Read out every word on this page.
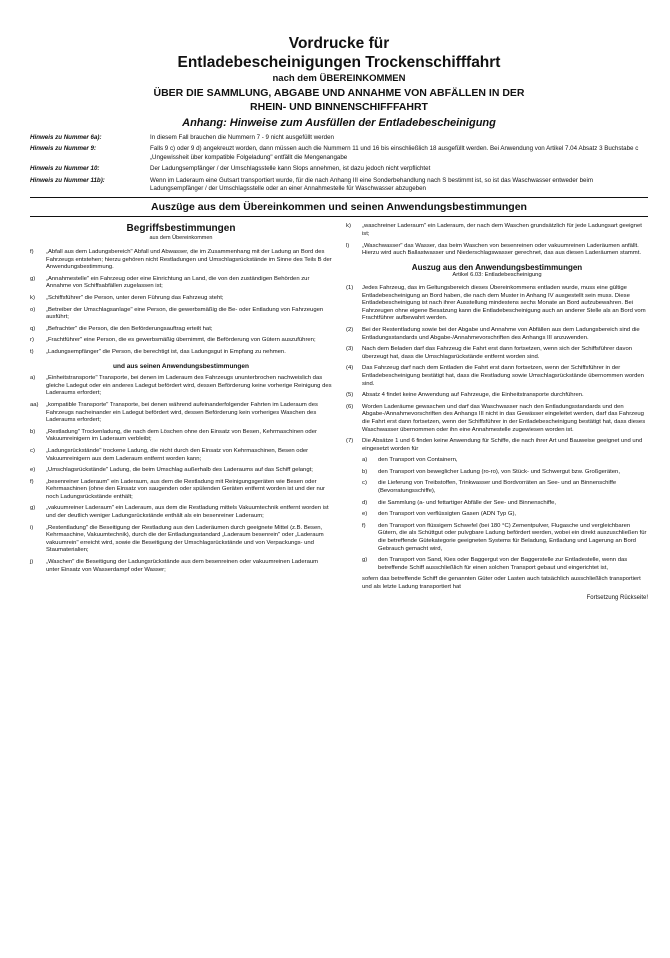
Vordrucke für
Entladebescheinigungen Trockenschifffahrt
nach dem ÜBEREINKOMMEN
ÜBER DIE SAMMLUNG, ABGABE UND ANNAHME VON ABFÄLLEN IN DER
RHEIN- UND BINNENSCHIFFFAHRT
Anhang: Hinweise zum Ausfüllen der Entladebescheinigung
Hinweis zu Nummer 6a):	In diesem Fall brauchen die Nummern 7 - 9 nicht ausgefüllt werden
Hinweis zu Nummer 9:	Falls 9 c) oder 9 d) angekreuzt worden, dann müssen auch die Nummern 11 und 16 bis einschließlich 18 ausgefüllt werden. Bei Anwendung von Artikel 7.04 Absatz 3 Buchstabe c „Ungewissheit über kompatible Folgeladung" entfällt die Mengenangabe
Hinweis zu Nummer 10:	Der Ladungsempfänger / der Umschlagsstelle kann Slops annehmen, ist dazu jedoch nicht verpflichtet
Hinweis zu Nummer 11b):	Wenn im Laderaum eine Gutsart transportiert wurde, für die nach Anhang III eine Sonderbehandlung nach S bestimmt ist, so ist das Waschwasser entweder beim Ladungsempfänger / der Umschlagsstelle oder an einer Annahmestelle für Waschwasser abzugeben
Auszüge aus dem Übereinkommen und seinen Anwendungsbestimmungen
Begriffsbestimmungen
aus dem Übereinkommen
f)	„Abfall aus dem Ladungsbereich" Abfall und Abwasser, die im Zusammenhang mit der Ladung an Bord des Fahrzeugs entstehen; hierzu gehören nicht Restladungen und Umschlagsrückstände im Sinne des Teils B der Anwendungsbestimmung.
g)	„Annahmestelle" ein Fahrzeug oder eine Einrichtung an Land, die von den zuständigen Behörden zur Annahme von Schiffsabfällen zugelassen ist;
k)	„Schiffsführer" die Person, unter deren Führung das Fahrzeug steht;
o)	„Betreiber der Umschlagsanlage" eine Person, die gewerbsmäßig die Be- oder Entladung von Fahrzeugen ausführt;
q)	„Befrachter" die Person, die den Beförderungsauftrag erteilt hat;
r)	„Frachtführer" eine Person, die es gewerbsmäßig übernimmt, die Beförderung von Gütern auszuführen;
t)	„Ladungsempfänger" die Person, die berechtigt ist, das Ladungsgut in Empfang zu nehmen.
und aus seinen Anwendungsbestimmungen
a)	„Einheitstransporte" Transporte, bei denen im Laderaum des Fahrzeugs ununterbrochen nachweislich das gleiche Ladegut oder ein anderes Ladegut befördert wird, dessen Beförderung keine vorherige Reinigung des Laderaums erfordert;
aa)	„kompatible Transporte" Transporte, bei denen während aufeinanderfolgender Fahrten im Laderaum des Fahrzeugs nacheinander ein Ladegut befördert wird, dessen Beförderung kein vorheriges Waschen des Laderaums erfordert;
b)	„Restladung" Trockenladung, die nach dem Löschen ohne den Einsatz von Besen, Kehrmaschinen oder Vakuumreinigern im Laderaum verbleibt;
c)	„Ladungsrückstände" trockene Ladung, die nicht durch den Einsatz von Kehrmaschinen, Besen oder Vakuumreinigern aus dem Laderaum entfernt worden kann;
e)	„Umschlagsrückstände" Ladung, die beim Umschlag außerhalb des Laderaums auf das Schiff gelangt;
f)	„besenreiner Laderaum" ein Laderaum, aus dem die Restladung mit Reinigungsgeräten wie Besen oder Kehrmaschinen (ohne den Einsatz von saugenden oder spülenden Geräten entfernt worden ist und der nur noch Ladungsrückstände enthält;
g)	„vakuumreiner Laderaum" ein Laderaum, aus dem die Restladung mittels Vakuumtechnik entfernt worden ist und der deutlich weniger Ladungsrückstände enthält als ein besenreiner Laderaum;
i)	„Restentladung" die Beseitigung der Restladung aus den Laderäumen durch geeignete Mittel (z.B. Besen, Kehrmaschine, Vakuumtechnik), durch die der Entladungsstandard „Laderaum besenrein" oder „Laderaum vakuumrein" erreicht wird, sowie die Beseitigung der Umschlagsrückstände und von Verpackungs- und Staumaterialien;
j)	„Waschen" die Beseitigung der Ladungsrückstände aus dem besenreinen oder vakuumreinen Laderaum unter Einsatz von Wasserdampf oder Wasser;
k)	„waschreiner Laderaum" ein Laderaum, der nach dem Waschen grundsätzlich für jede Ladungsart geeignet ist;
l)	„Waschwasser" das Wasser, das beim Waschen von besenreinen oder vakuumreinen Laderäumen anfällt. Hierzu wird auch Ballastwasser und Niederschlagswasser gerechnet, das aus diesen Laderäumen stammt.
Auszug aus den Anwendungsbestimmungen
Artikel 6.03: Entladebescheinigung
(1)	Jedes Fahrzeug, das im Geltungsbereich dieses Übereinkommens entladen wurde, muss eine gültige Entladebescheinigung an Bord haben, die nach dem Muster in Anhang IV ausgestellt sein muss. Diese Entladebescheinigung ist nach ihrer Ausstellung mindestens sechs Monate an Bord aufzubewahren. Bei Fahrzeugen ohne eigene Besatzung kann die Entladebescheinigung auch an anderer Stelle als an Bord vom Frachtführer aufbewahrt werden.
(2)	Bei der Restentladung sowie bei der Abgabe und Annahme von Abfällen aus dem Ladungsbereich sind die Entladungsstandards und Abgabe-/Annahmevorschriften des Anhangs III anzuwenden.
(3)	Nach dem Beladen darf das Fahrzeug die Fahrt erst dann fortsetzen, wenn sich der Schiffsführer davon überzeugt hat, dass die Umschlagsrückstände entfernt worden sind.
(4)	Das Fahrzeug darf nach dem Entladen die Fahrt erst dann fortsetzen, wenn der Schiffsführer in der Entladebescheinigung bestätigt hat, dass die Restladung sowie Umschlagsrückstände übernommen worden sind.
(5)	Absatz 4 findet keine Anwendung auf Fahrzeuge, die Einheitstransporte durchführen.
(6)	Worden Laderäume gewaschen und darf das Waschwasser nach den Entladungsstandards und den Abgabe-/Annahmevorschriften des Anhangs III nicht in das Gewässer eingeleitet werden, darf das Fahrzeug die Fahrt erst dann fortsetzen, wenn der Schiffsführer in der Entladebescheinigung bestätigt hat, dass dieses Waschwasser übernommen oder ihn eine Annahmestelle zugewiesen worden ist.
(7)	Die Absätze 1 und 6 finden keine Anwendung für Schiffe, die nach ihrer Art und Bauweise geeignet und und eingesetzt worden für
a)	den Transport von Containern,
b)	den Transport von beweglicher Ladung (ro-ro), von Stück- und Schwergut bzw. Großgeräten,
c)	die Lieferung von Treibstoffen, Trinkwasser und Bordvorräten an See- und an Binnenschiffe (Bevorratungsschiffe),
d)	die Sammlung (a- und fettartiger Abfälle der See- und Binnenschiffe,
e)	den Transport von verflüssigten Gasen (ADN Typ G),
f)	den Transport von flüssigem Schwefel (bei 180 °C) Zementpulver, Flugasche und vergleichbaren Gütern, die als Schüttgut oder pulvgbare Ladung befördert werden, wobei ein direkt auszuschließen für die betreffende Gütekategorie geeigneten Systems für Beladung, Entladung und Lagerung an Bord Gebrauch gemacht wird,
g)	den Transport von Sand, Kies oder Baggergut von der Baggerstelle zur Entladestelle, wenn das betreffende Schiff ausschließlich für einen solchen Transport gebaut und eingerichtet ist,
sofern das betreffende Schiff die genannten Güter oder Lasten auch tatsächlich ausschließlich transportiert und als letzte Ladung transportiert hat
Fortsetzung Rückseite!
